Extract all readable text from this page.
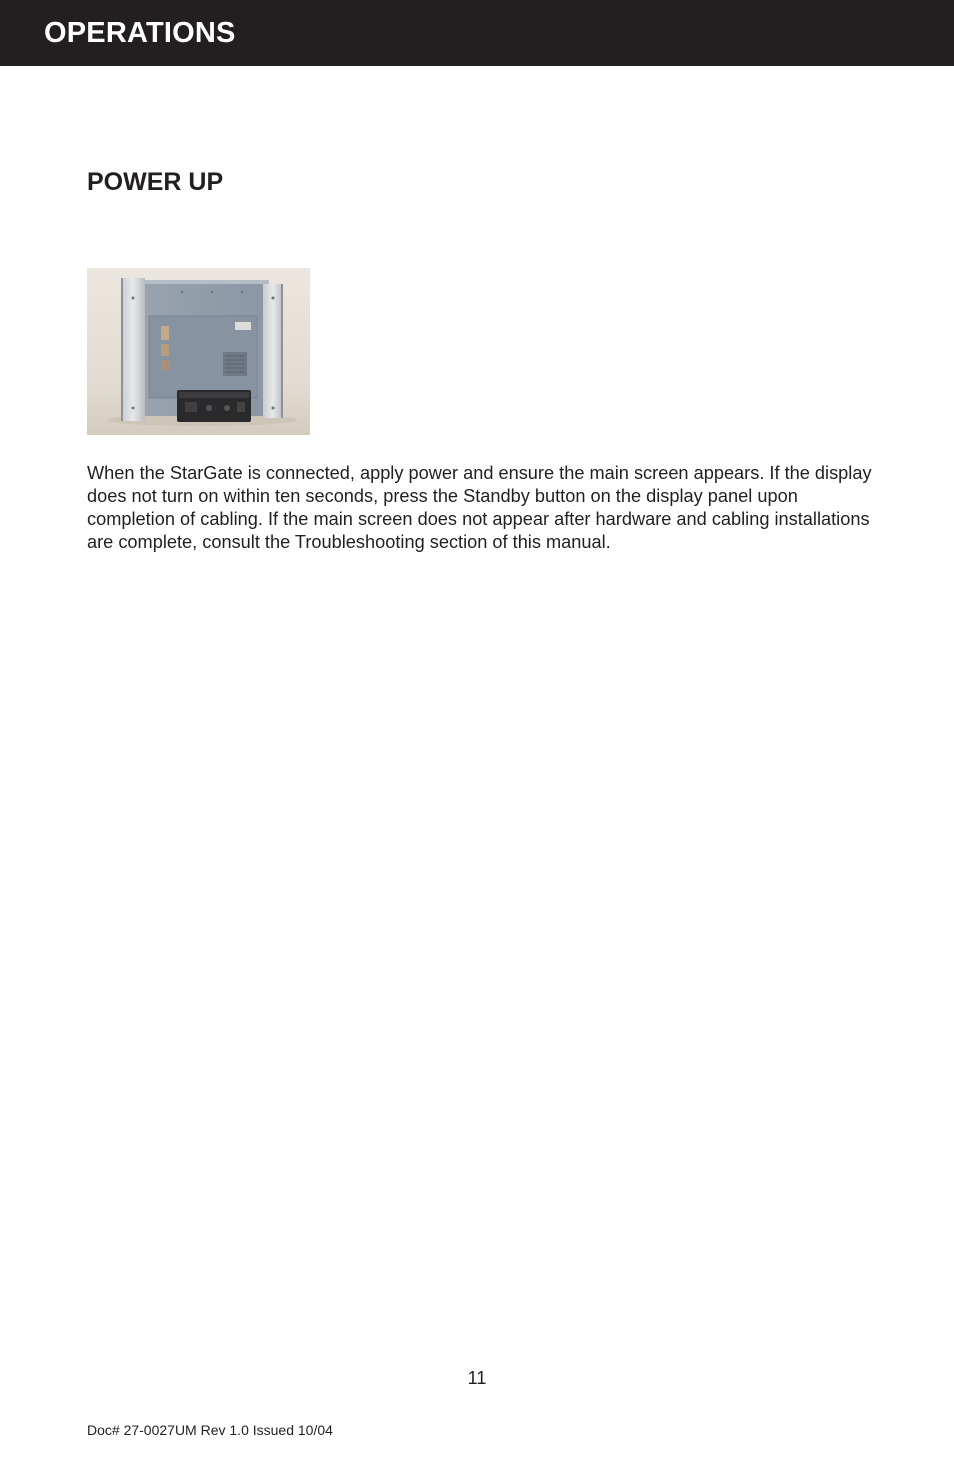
OPERATIONS
POWER UP

When the StarGate is connected, apply power and ensure the main screen appears. If the display does not turn on within ten seconds, press the Standby button on the display panel upon completion of cabling. If the main screen does not appear after hardware and cabling installations are complete, consult the Troubleshooting section of this manual.

11
Doc# 27-0027UM Rev 1.0 Issued 10/04
